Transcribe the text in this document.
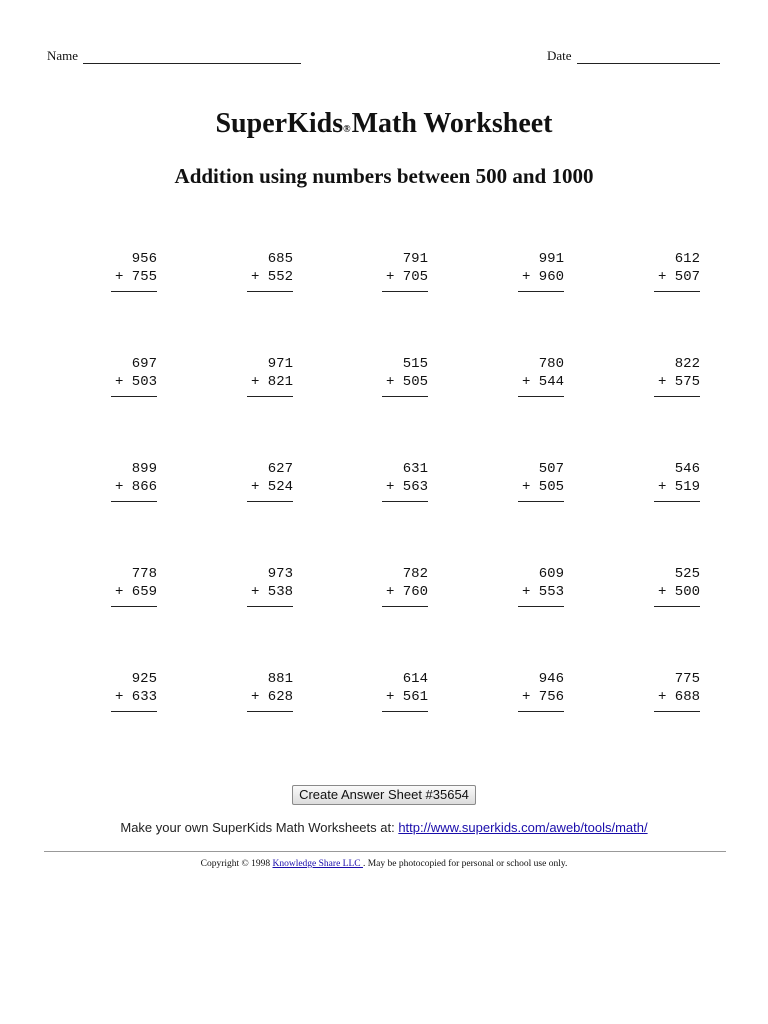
Name	Date
SuperKids®Math Worksheet
Addition using numbers between 500 and 1000
956
+ 755
685
+ 552
791
+ 705
991
+ 960
612
+ 507
697
+ 503
971
+ 821
515
+ 505
780
+ 544
822
+ 575
899
+ 866
627
+ 524
631
+ 563
507
+ 505
546
+ 519
778
+ 659
973
+ 538
782
+ 760
609
+ 553
525
+ 500
925
+ 633
881
+ 628
614
+ 561
946
+ 756
775
+ 688
Create Answer Sheet #35654
Make your own SuperKids Math Worksheets at: http://www.superkids.com/aweb/tools/math/
Copyright © 1998 Knowledge Share LLC . May be photocopied for personal or school use only.
